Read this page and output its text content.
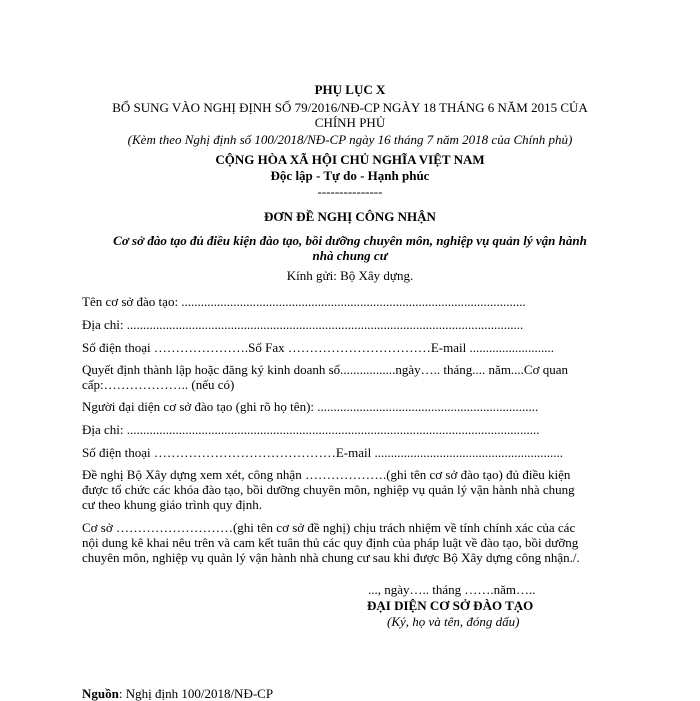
PHỤ LỤC X
BỔ SUNG VÀO NGHỊ ĐỊNH SỐ 79/2016/NĐ-CP NGÀY 18 THÁNG 6 NĂM 2015 CỦA
CHÍNH PHỦ
(Kèm theo Nghị định số 100/2018/NĐ-CP ngày 16 tháng 7 năm 2018 của Chính phủ)
CỘNG HÒA XÃ HỘI CHỦ NGHĨA VIỆT NAM
Độc lập - Tự do - Hạnh phúc
---------------
ĐƠN ĐỀ NGHỊ CÔNG NHẬN
Cơ sở đào tạo đủ điều kiện đào tạo, bồi dưỡng chuyên môn, nghiệp vụ quản lý vận hành
nhà chung cư
Kính gửi: Bộ Xây dựng.
Tên cơ sở đào tạo: ..........................................................................................................
Địa chỉ: ..........................................................................................................................
Số điện thoại ………………….Số Fax ……………………………E-mail ..........................
Quyết định thành lập hoặc đăng ký kinh doanh số.................ngày….. tháng.... năm....Cơ quan
cấp:……………….. (nếu có)
Người đại diện cơ sở đào tạo (ghi rõ họ tên): ....................................................................
Địa chỉ: ...............................................................................................................................
Số điện thoại ……………………………………E-mail ..........................................................
Đề nghị Bộ Xây dựng xem xét, công nhận ……………….(ghi tên cơ sở đào tạo) đủ điều kiện
được tổ chức các khóa đào tạo, bồi dưỡng chuyên môn, nghiệp vụ quản lý vận hành nhà chung
cư theo khung giáo trình quy định.
Cơ sở ………………………(ghi tên cơ sở đề nghị) chịu trách nhiệm về tính chính xác của các
nội dung kê khai nêu trên và cam kết tuân thủ các quy định của pháp luật về đào tạo, bồi dưỡng
chuyên môn, nghiệp vụ quản lý vận hành nhà chung cư sau khi được Bộ Xây dựng công nhận./.
..., ngày….. tháng …….năm…..
ĐẠI DIỆN CƠ SỞ ĐÀO TẠO
(Ký, họ và tên, đóng dấu)
Nguồn: Nghị định 100/2018/NĐ-CP
